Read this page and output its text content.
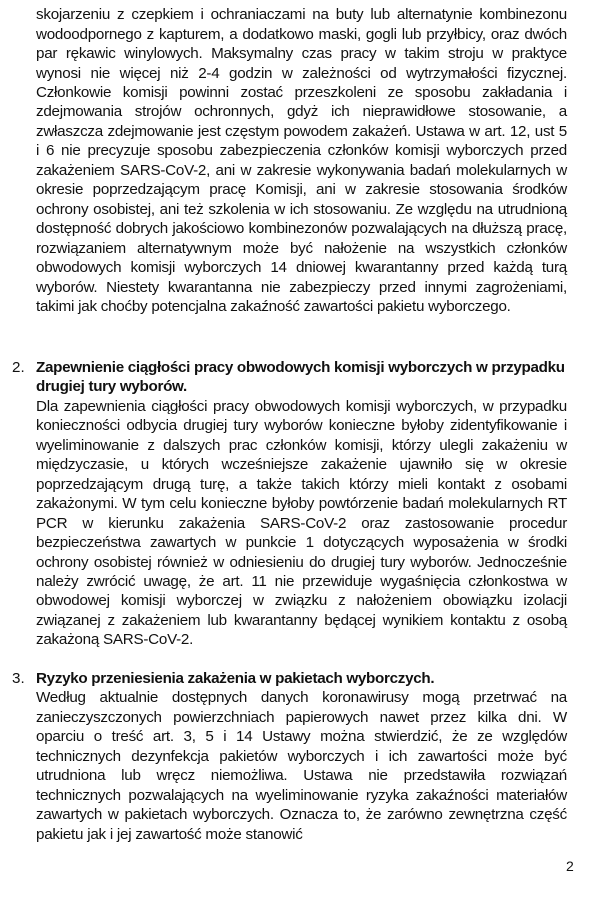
skojarzeniu z czepkiem i ochraniaczami na buty lub alternatynie kombinezonu wodoodpornego z kapturem, a dodatkowo maski, gogli lub przyłbicy, oraz dwóch par rękawic winylowych. Maksymalny czas pracy w takim stroju w praktyce wynosi nie więcej niż 2-4 godzin w zależności od wytrzymałości fizycznej. Członkowie komisji powinni zostać przeszkoleni ze sposobu zakładania i zdejmowania strojów ochronnych, gdyż ich nieprawidłowe stosowanie, a zwłaszcza zdejmowanie jest częstym powodem zakażeń. Ustawa w art. 12, ust 5 i 6 nie precyzuje sposobu zabezpieczenia członków komisji wyborczych przed zakażeniem SARS-CoV-2, ani w zakresie wykonywania badań molekularnych w okresie poprzedzającym pracę Komisji, ani w zakresie stosowania środków ochrony osobistej, ani też szkolenia w ich stosowaniu. Ze względu na utrudnioną dostępność dobrych jakościowo kombinezonów pozwalających na dłuższą pracę, rozwiązaniem alternatywnym może być nałożenie na wszystkich członków obwodowych komisji wyborczych 14 dniowej kwarantanny przed każdą turą wyborów. Niestety kwarantanna nie zabezpieczy przed innymi zagrożeniami, takimi jak choćby potencjalna zakaźność zawartości pakietu wyborczego.

2. Zapewnienie ciągłości pracy obwodowych komisji wyborczych w przypadku drugiej tury wyborów.
Dla zapewnienia ciągłości pracy obwodowych komisji wyborczych, w przypadku konieczności odbycia drugiej tury wyborów konieczne byłoby zidentyfikowanie i wyeliminowanie z dalszych prac członków komisji, którzy ulegli zakażeniu w międzyczasie, u których wcześniejsze zakażenie ujawniło się w okresie poprzedzającym drugą turę, a także takich którzy mieli kontakt z osobami zakażonymi. W tym celu konieczne byłoby powtórzenie badań molekularnych RT PCR w kierunku zakażenia SARS-CoV-2 oraz zastosowanie procedur bezpieczeństwa zawartych w punkcie 1 dotyczących wyposażenia w środki ochrony osobistej również w odniesieniu do drugiej tury wyborów. Jednocześnie należy zwrócić uwagę, że art. 11 nie przewiduje wygaśnięcia członkostwa w obwodowej komisji wyborczej w związku z nałożeniem obowiązku izolacji związanej z zakażeniem lub kwarantanny będącej wynikiem kontaktu z osobą zakażoną SARS-CoV-2.
3. Ryzyko przeniesienia zakażenia w pakietach wyborczych.
Według aktualnie dostępnych danych koronawirusy mogą przetrwać na zanieczyszczonych powierzchniach papierowych nawet przez kilka dni. W oparciu o treść art. 3, 5 i 14 Ustawy można stwierdzić, że ze względów technicznych dezynfekcja pakietów wyborczych i ich zawartości może być utrudniona lub wręcz niemożliwa. Ustawa nie przedstawiła rozwiązań technicznych pozwalających na wyeliminowanie ryzyka zakaźności materiałów zawartych w pakietach wyborczych. Oznacza to, że zarówno zewnętrzna część pakietu jak i jej zawartość może stanowić
2
